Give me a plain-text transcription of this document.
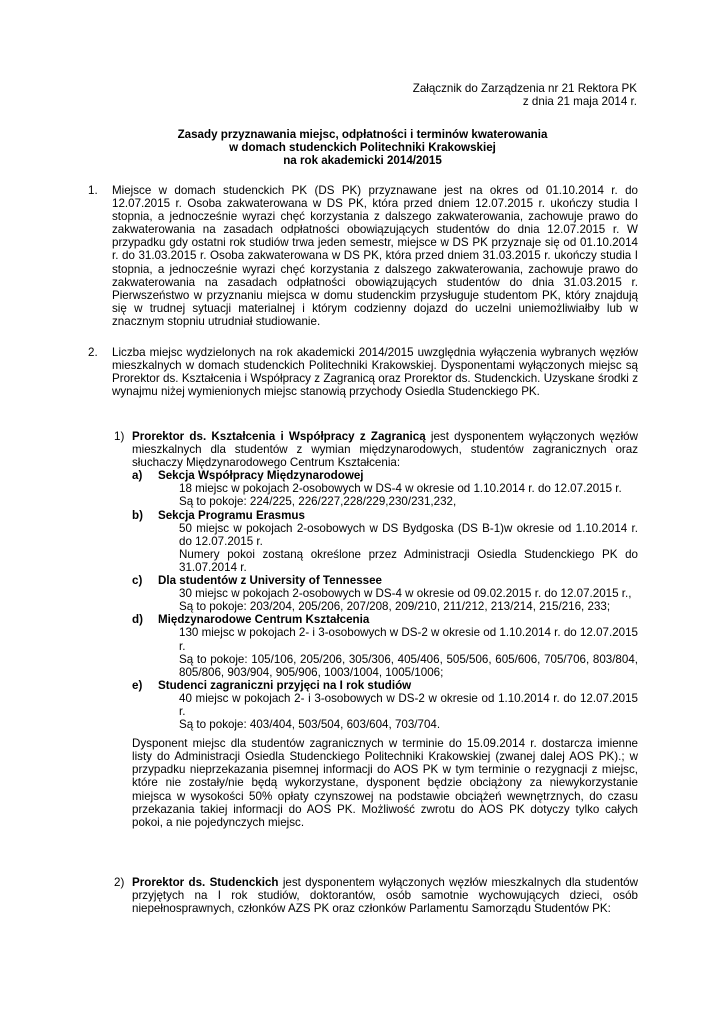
Załącznik do Zarządzenia nr 21 Rektora PK
z dnia 21 maja 2014 r.
Zasady przyznawania miejsc, odpłatności i terminów kwaterowania
w domach studenckich Politechniki Krakowskiej
na rok akademicki 2014/2015
1. Miejsce w domach studenckich PK (DS PK) przyznawane jest na okres od 01.10.2014 r. do 12.07.2015 r. Osoba zakwaterowana w DS PK, która przed dniem 12.07.2015 r. ukończy studia I stopnia, a jednocześnie wyrazi chęć korzystania z dalszego zakwaterowania, zachowuje prawo do zakwaterowania na zasadach odpłatności obowiązujących studentów do dnia 12.07.2015 r. W przypadku gdy ostatni rok studiów trwa jeden semestr, miejsce w DS PK przyznaje się od 01.10.2014 r. do 31.03.2015 r. Osoba zakwaterowana w DS PK, która przed dniem 31.03.2015 r. ukończy studia I stopnia, a jednocześnie wyrazi chęć korzystania z dalszego zakwaterowania, zachowuje prawo do zakwaterowania na zasadach odpłatności obowiązujących studentów do dnia 31.03.2015 r. Pierwszeństwo w przyznaniu miejsca w domu studenckim przysługuje studentom PK, który znajdują się w trudnej sytuacji materialnej i którym codzienny dojazd do uczelni uniemożliwiałby lub w znacznym stopniu utrudniał studiowanie.

2. Liczba miejsc wydzielonych na rok akademicki 2014/2015 uwzględnia wyłączenia wybranych węzłów mieszkalnych w domach studenckich Politechniki Krakowskiej. Dysponentami wyłączonych miejsc są Prorektor ds. Kształcenia i Współpracy z Zagranicą oraz Prorektor ds. Studenckich. Uzyskane środki z wynajmu niżej wymienionych miejsc stanowią przychody Osiedla Studenckiego PK.

1) Prorektor ds. Kształcenia i Współpracy z Zagranicą jest dysponentem wyłączonych węzłów mieszkalnych dla studentów z wymian międzynarodowych, studentów zagranicznych oraz słuchaczy Międzynarodowego Centrum Kształcenia:
a) Sekcja Współpracy Międzynarodowej
18 miejsc w pokojach 2-osobowych w DS-4 w okresie od 1.10.2014 r. do 12.07.2015 r.
Są to pokoje: 224/225, 226/227,228/229,230/231,232,
b) Sekcja Programu Erasmus
50 miejsc w pokojach 2-osobowych w DS Bydgoska (DS B-1)w okresie od 1.10.2014 r. do 12.07.2015 r.
Numery pokoi zostaną określone przez Administracji Osiedla Studenckiego PK do 31.07.2014 r.
c) Dla studentów z University of Tennessee
30 miejsc w pokojach 2-osobowych w DS-4 w okresie od 09.02.2015 r. do 12.07.2015 r.,
Są to pokoje: 203/204, 205/206, 207/208, 209/210, 211/212, 213/214, 215/216, 233;
d) Międzynarodowe Centrum Kształcenia
130 miejsc w pokojach 2- i 3-osobowych w DS-2 w okresie od 1.10.2014 r. do 12.07.2015 r.
Są to pokoje: 105/106, 205/206, 305/306, 405/406, 505/506, 605/606, 705/706, 803/804, 805/806, 903/904, 905/906, 1003/1004, 1005/1006;
e) Studenci zagraniczni przyjęci na I rok studiów
40 miejsc w pokojach 2- i 3-osobowych w DS-2 w okresie od 1.10.2014 r. do 12.07.2015 r.
Są to pokoje: 403/404, 503/504, 603/604, 703/704.
Dysponent miejsc dla studentów zagranicznych w terminie do 15.09.2014 r. dostarcza imienne listy do Administracji Osiedla Studenckiego Politechniki Krakowskiej (zwanej dalej AOS PK).; w przypadku nieprzekazania pisemnej informacji do AOS PK w tym terminie o rezygnacji z miejsc, które nie zostały/nie będą wykorzystane, dysponent będzie obciążony za niewykorzystanie miejsca w wysokości 50% opłaty czynszowej na podstawie obciążeń wewnętrznych, do czasu przekazania takiej informacji do AOS PK. Możliwość zwrotu do AOS PK dotyczy tylko całych pokoi, a nie pojedynczych miejsc.
2) Prorektor ds. Studenckich jest dysponentem wyłączonych węzłów mieszkalnych dla studentów przyjętych na I rok studiów, doktorantów, osób samotnie wychowujących dzieci, osób niepełnosprawnych, członków AZS PK oraz członków Parlamentu Samorządu Studentów PK:
